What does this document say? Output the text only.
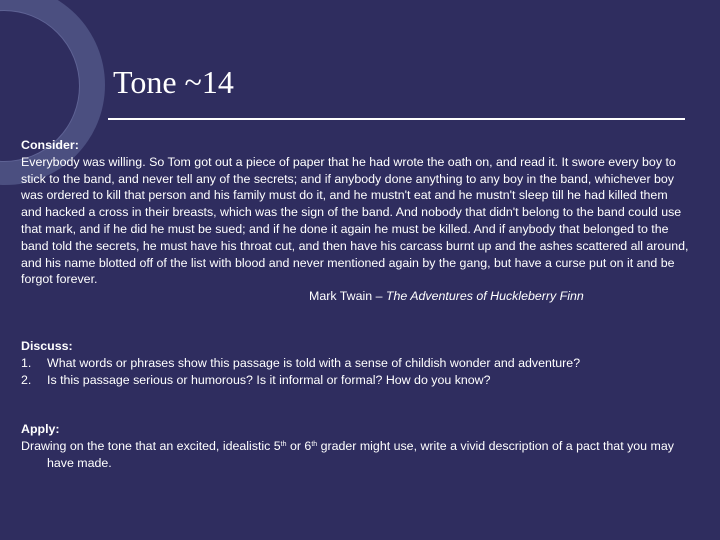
Tone ~14

Consider:

Everybody was willing. So Tom got out a piece of paper that he had wrote the oath on, and read it. It swore every boy to stick to the band, and never tell any of the secrets; and if anybody done anything to any boy in the band, whichever boy was ordered to kill that person and his family must do it, and he mustn't eat and he mustn't sleep till he had killed them and hacked a cross in their breasts, which was the sign of the band. And nobody that didn't belong to the band could use that mark, and if he did he must be sued; and if he done it again he must be killed. And if anybody that belonged to the band told the secrets, he must have his throat cut, and then have his carcass burnt up and the ashes scattered all around, and his name blotted off of the list with blood and never mentioned again by the gang, but have a curse put on it and be forgot forever.

Mark Twain – The Adventures of Huckleberry Finn

Discuss:

1.	What words or phrases show this passage is told with a sense of childish wonder and adventure?
2.	Is this passage serious or humorous? Is it informal or formal? How do you know?

Apply:

Drawing on the tone that an excited, idealistic 5th or 6th grader might use, write a vivid description of a pact that you may have made.
